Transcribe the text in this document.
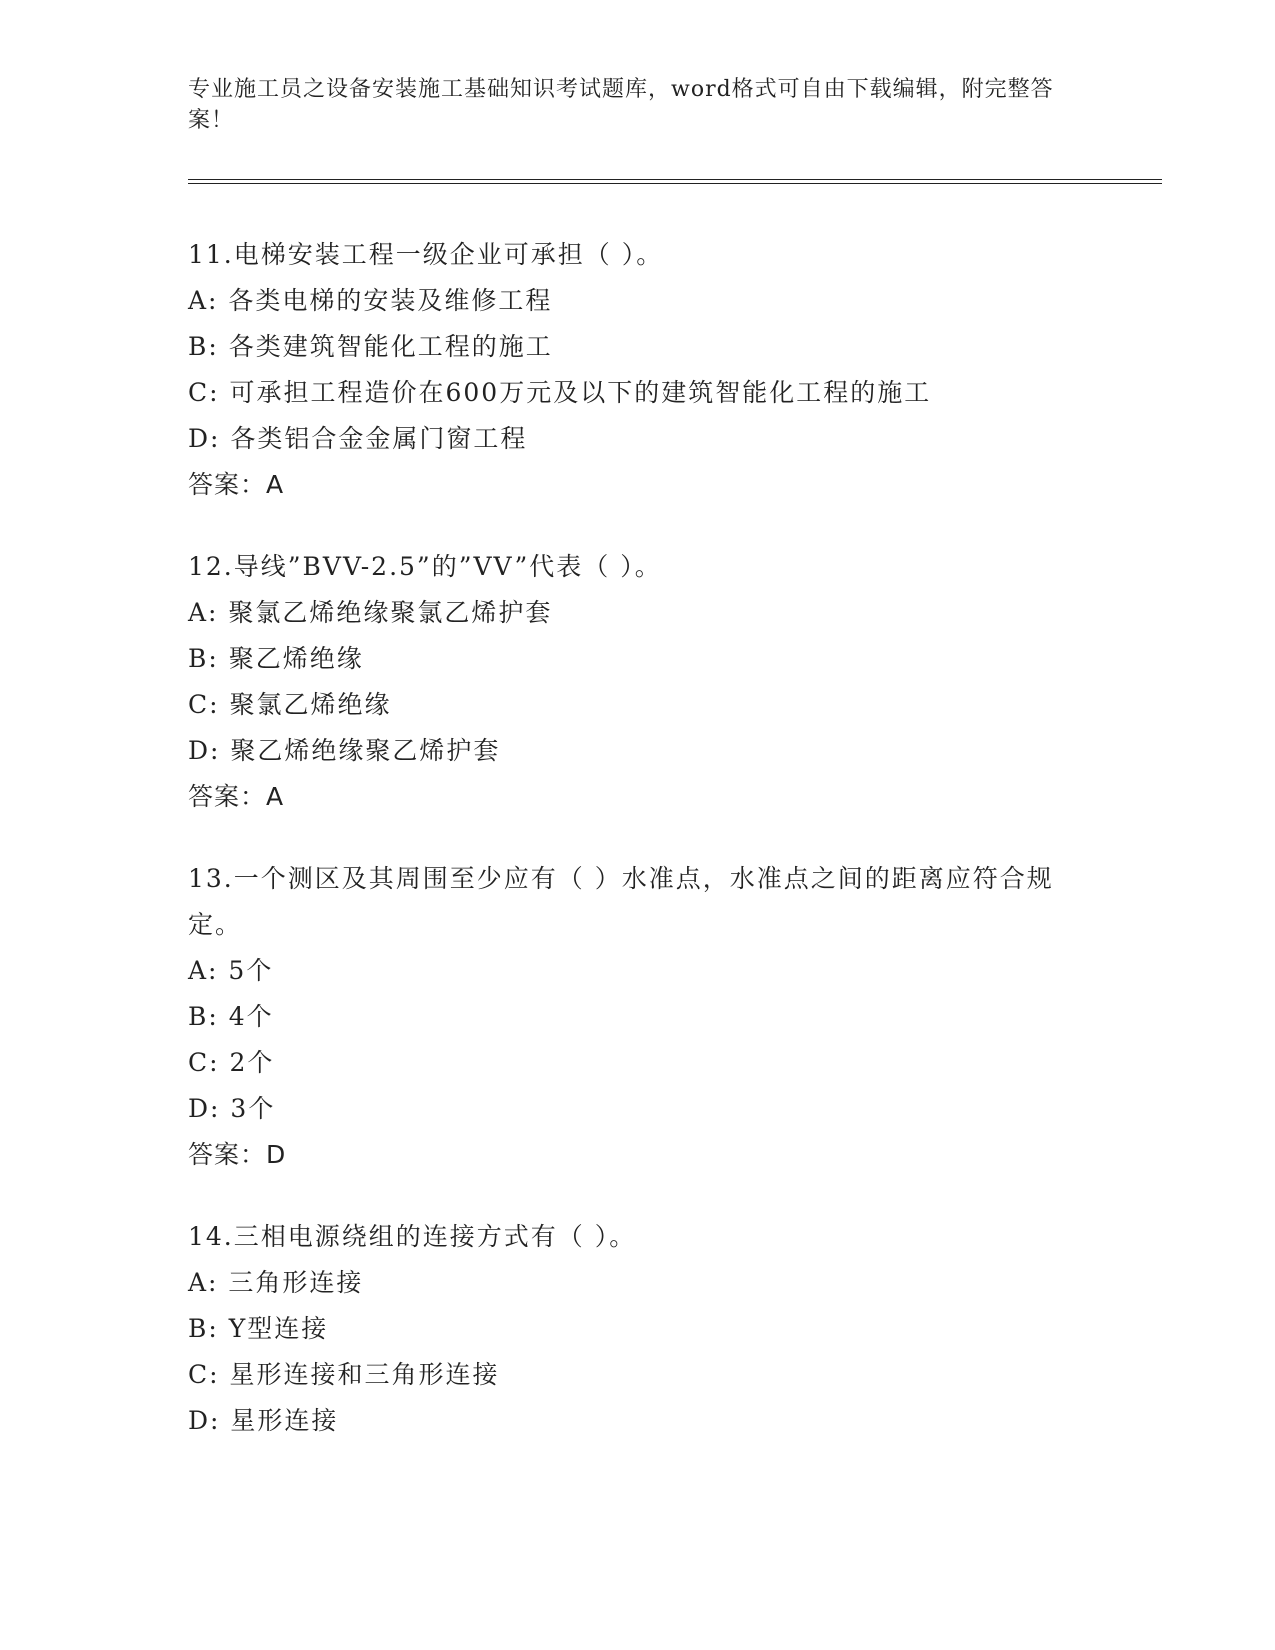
专业施工员之设备安装施工基础知识考试题库，word格式可自由下载编辑，附完整答案！
11.电梯安装工程一级企业可承担（ ）。
A: 各类电梯的安装及维修工程
B: 各类建筑智能化工程的施工
C: 可承担工程造价在600万元及以下的建筑智能化工程的施工
D: 各类铝合金金属门窗工程
答案：A
12.导线”BVV-2.5”的”VV”代表（ ）。
A: 聚氯乙烯绝缘聚氯乙烯护套
B: 聚乙烯绝缘
C: 聚氯乙烯绝缘
D: 聚乙烯绝缘聚乙烯护套
答案：A
13.一个测区及其周围至少应有（ ）水准点，水准点之间的距离应符合规定。
A: 5个
B: 4个
C: 2个
D: 3个
答案：D
14.三相电源绕组的连接方式有（ ）。
A: 三角形连接
B: Y型连接
C: 星形连接和三角形连接
D: 星形连接
